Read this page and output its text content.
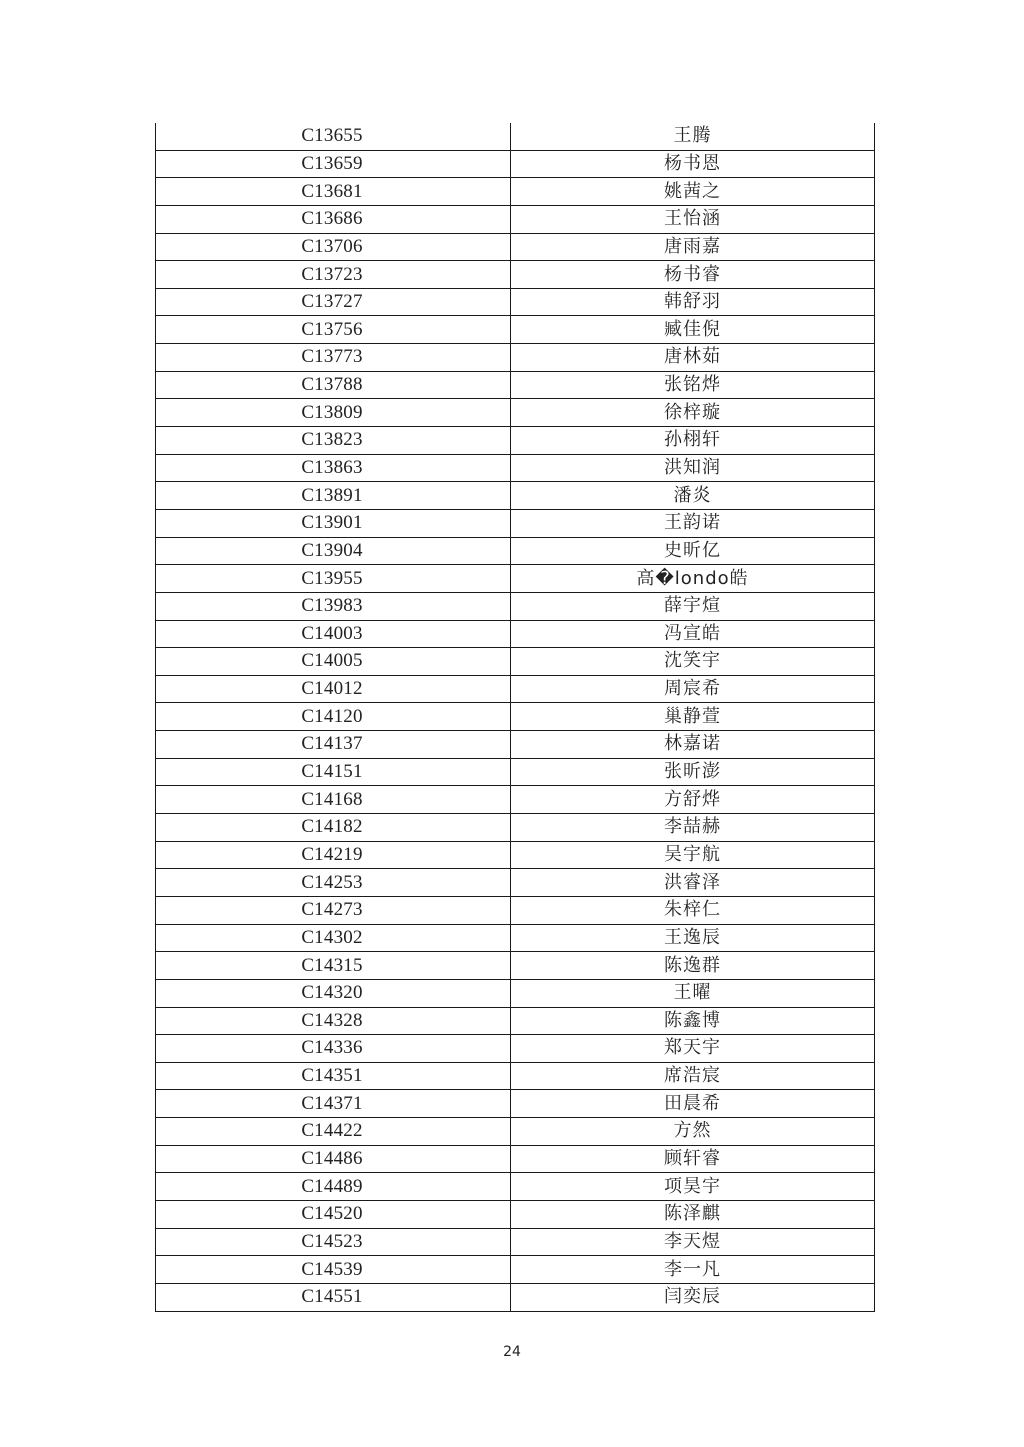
C13655	王腾
C13659	杨书恩
C13681	姚茜之
C13686	王怡涵
C13706	唐雨嘉
C13723	杨书睿
C13727	韩舒羽
C13756	臧佳倪
C13773	唐林茹
C13788	张铭烨
C13809	徐梓璇
C13823	孙栩轩
C13863	洪知润
C13891	潘炎
C13901	王韵诺
C13904	史昕亿
C13955	高�londo皓
C13983	薛宇煊
C14003	冯宣皓
C14005	沈笑宇
C14012	周宸希
C14120	巢静萱
C14137	林嘉诺
C14151	张昕澎
C14168	方舒烨
C14182	李喆赫
C14219	吴宇航
C14253	洪睿泽
C14273	朱梓仁
C14302	王逸辰
C14315	陈逸群
C14320	王曜
C14328	陈鑫博
C14336	郑天宇
C14351	席浩宸
C14371	田晨希
C14422	方然
C14486	顾轩睿
C14489	项昊宇
C14520	陈泽麒
C14523	李天煜
C14539	李一凡
C14551	闫奕辰
24
